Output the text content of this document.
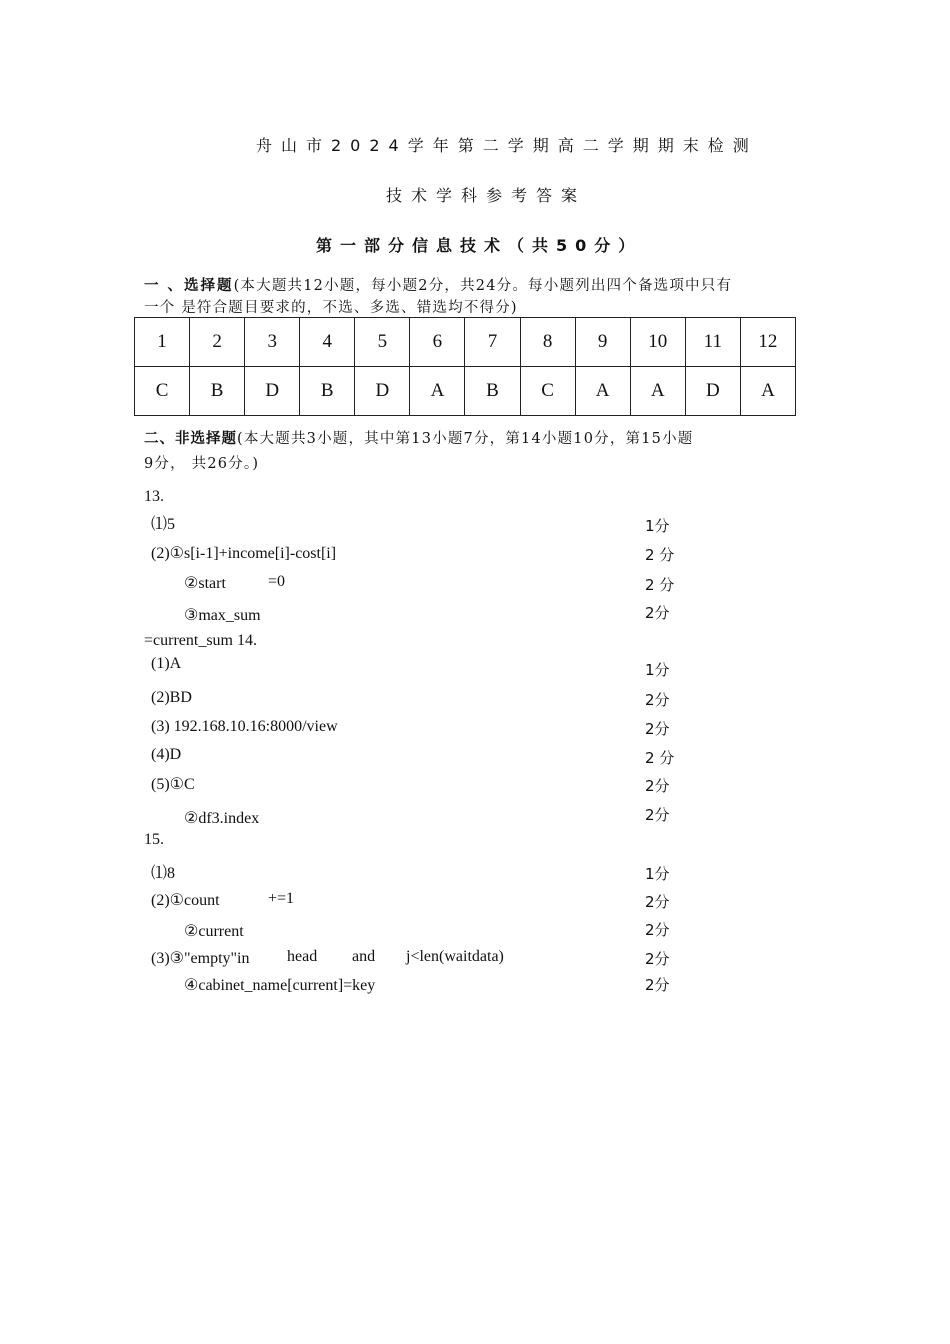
舟山市2024学年第二学期高二学期期末检测
技术学科参考答案
第一部分信息技术（共50分）
一 、选择题(本大题共12小题，每小题2分，共24分。每小题列出四个备选项中只有
一个 是符合题目要求的，不选、多选、错选均不得分)
1	2	3	4	5	6	7	8	9	10	11	12
C	B	D	B	D	A	B	C	A	A	D	A
二、非选择题(本大题共3小题，其中第13小题7分，第14小题10分，第15小题
9分， 共26分。)
13.
⑴5	1分
(2)①s[i-1]+income[i]-cost[i]	2 分
②start	=0	2 分
③max_sum	2分
=current_sum 14.
(1)A	1分
(2)BD	2分
(3) 192.168.10.16:8000/view	2分
(4)D	2 分
(5)①C	2分
②df3.index	2分
15.
⑴8	1分
(2)①count	+=1	2分
②current	2分
(3)③"empty"in head and j<len(waitdata)	2分
④cabinet_name[current]=key	2分
